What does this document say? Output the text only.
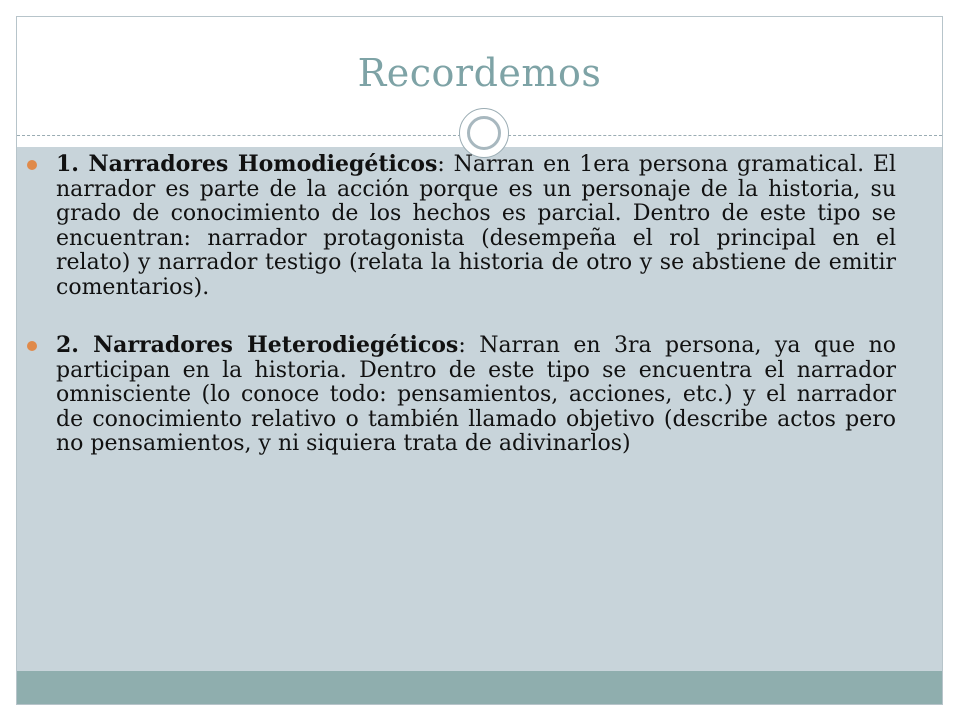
Recordemos
1. Narradores Homodiegéticos: Narran en 1era persona gramatical. El narrador es parte de la acción porque es un personaje de la historia, su grado de conocimiento de los hechos es parcial. Dentro de este tipo se encuentran: narrador protagonista (desempeña el rol principal en el relato) y narrador testigo (relata la historia de otro y se abstiene de emitir comentarios).
2. Narradores Heterodiegéticos: Narran en 3ra persona, ya que no participan en la historia. Dentro de este tipo se encuentra el narrador omnisciente (lo conoce todo: pensamientos, acciones, etc.) y el narrador de conocimiento relativo o también llamado objetivo (describe actos pero no pensamientos, y ni siquiera trata de adivinarlos)
